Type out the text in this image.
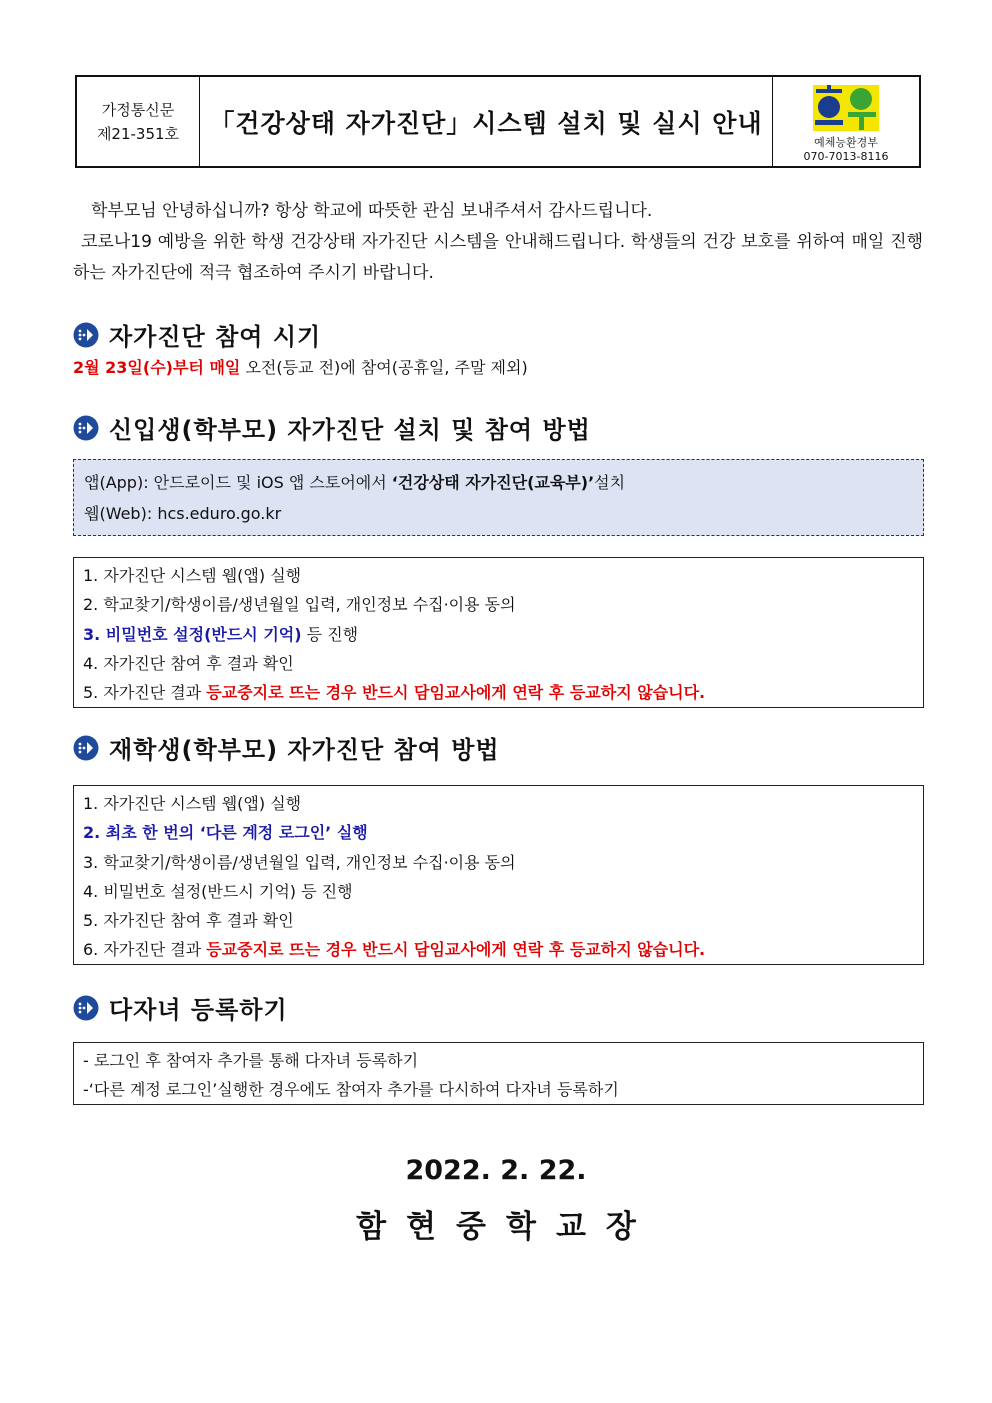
가정통신문
제21-351호	「건강상태 자가진단」시스템 설치 및 실시 안내
예체능환경부
070-7013-8116

학부모님 안녕하십니까? 항상 학교에 따뜻한 관심 보내주셔서 감사드립니다.

코로나19 예방을 위한 학생 건강상태 자가진단 시스템을 안내해드립니다. 학생들의 건강 보호를 위하여 매일 진행하는 자가진단에 적극 협조하여 주시기 바랍니다.

자가진단 참여 시기
2월 23일(수)부터 매일 오전(등교 전)에 참여(공휴일, 주말 제외)
신입생(학부모) 자가진단 설치 및 참여 방법
앱(App): 안드로이드 및 iOS 앱 스토어에서 ‘건강상태 자가진단(교육부)’설치
웹(Web): hcs.eduro.go.kr
1. 자가진단 시스템 웹(앱) 실행
2. 학교찾기/학생이름/생년월일 입력, 개인정보 수집·이용 동의
3. 비밀번호 설정(반드시 기억) 등 진행
4. 자가진단 참여 후 결과 확인
5. 자가진단 결과 등교중지로 뜨는 경우 반드시 담임교사에게 연락 후 등교하지 않습니다.
재학생(학부모) 자가진단 참여 방법
1. 자가진단 시스템 웹(앱) 실행
2. 최초 한 번의 ‘다른 계정 로그인’ 실행
3. 학교찾기/학생이름/생년월일 입력, 개인정보 수집·이용 동의
4. 비밀번호 설정(반드시 기억) 등 진행
5. 자가진단 참여 후 결과 확인
6. 자가진단 결과 등교중지로 뜨는 경우 반드시 담임교사에게 연락 후 등교하지 않습니다.
다자녀 등록하기
- 로그인 후 참여자 추가를 통해 다자녀 등록하기
-‘다른 계정 로그인’실행한 경우에도 참여자 추가를 다시하여 다자녀 등록하기
2022. 2. 22.
함현중학교장
